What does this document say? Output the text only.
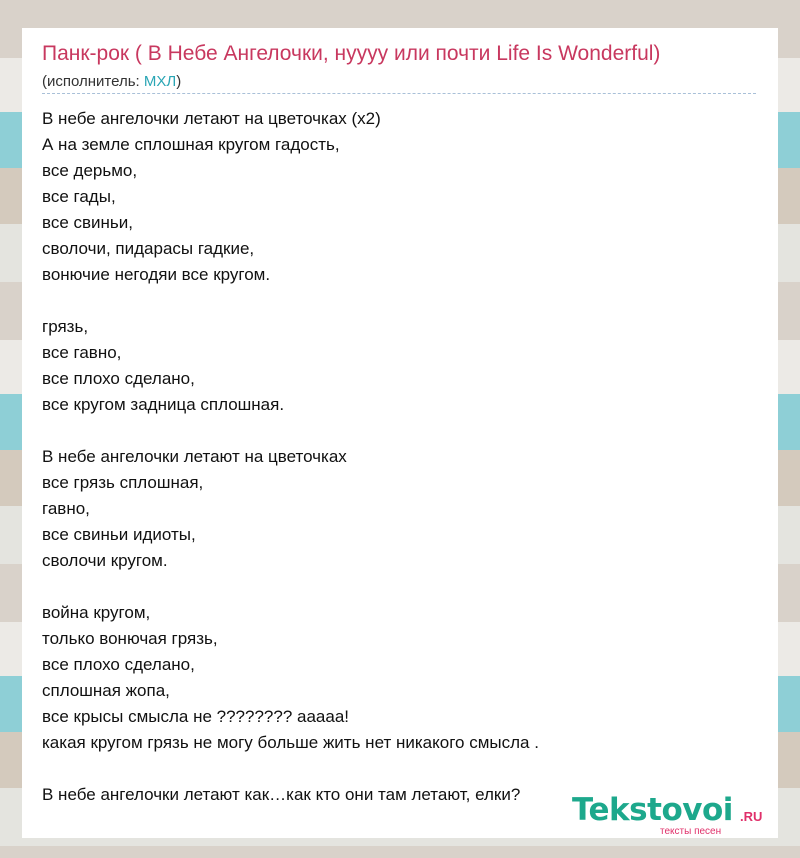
Панк-рок ( В Небе Ангелочки, нуууу или почти Life Is Wonderful)
(исполнитель: МХЛ)
В небе ангелочки летают на цветочках (x2)
А на земле сплошная кругом гадость,
все дерьмо,
все гады,
все свиньи,
сволочи, пидарасы гадкие,
вонючие негодяи все кругом.
грязь,
все гавно,
все плохо сделано,
все кругом задница сплошная.
В небе ангелочки летают на цветочках
все грязь сплошная,
гавно,
все свиньи идиоты,
сволочи кругом.
война кругом,
только вонючая грязь,
все плохо сделано,
сплошная жопа,
все крысы смысла не ???????? ааааа!
какая кругом грязь не могу больше жить нет никакого смысла .
В небе ангелочки летают как…как кто они там летают, елки?	Tekstovoi .RU
тексты песен
